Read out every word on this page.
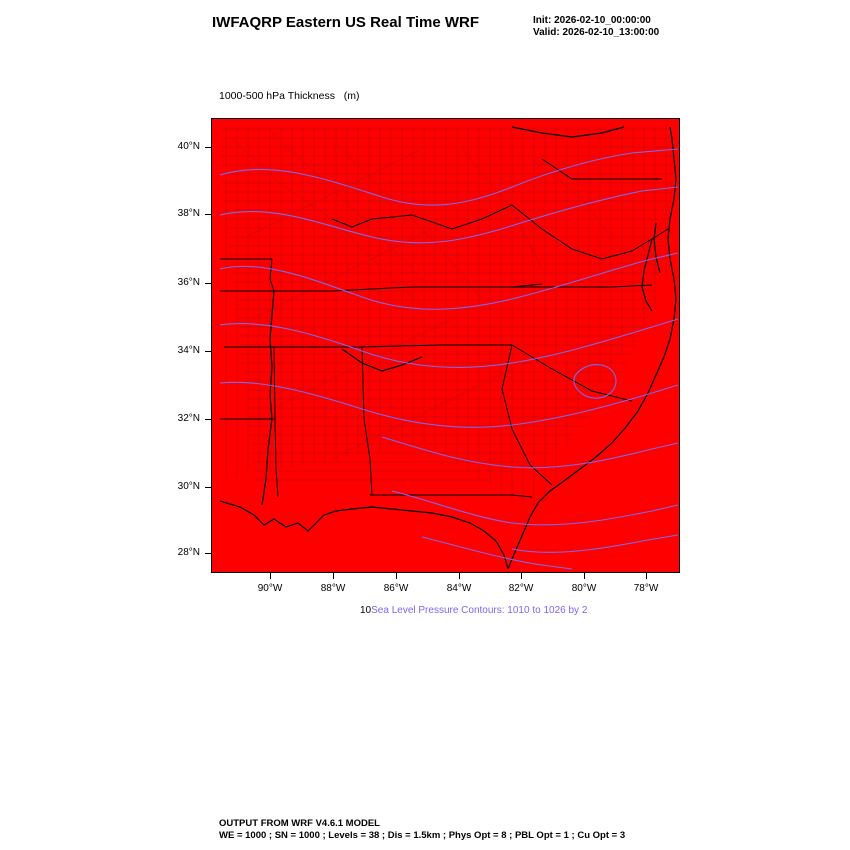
IWFAQRP Eastern US Real Time WRF	Init: 2026-02-10_00:00:00
Valid: 2026-02-10_13:00:00

1000-500 hPa Thickness   (m)

40°N
38°N
36°N
34°N
32°N
30°N
28°N
90°W	88°W	86°W	84°W	82°W	80°W	78°W
10Sea Level Pressure Contours: 1010 to 1026 by 2
OUTPUT FROM WRF V4.6.1 MODEL
WE = 1000 ; SN = 1000 ; Levels = 38 ; Dis = 1.5km ; Phys Opt = 8 ; PBL Opt = 1 ; Cu Opt = 3
